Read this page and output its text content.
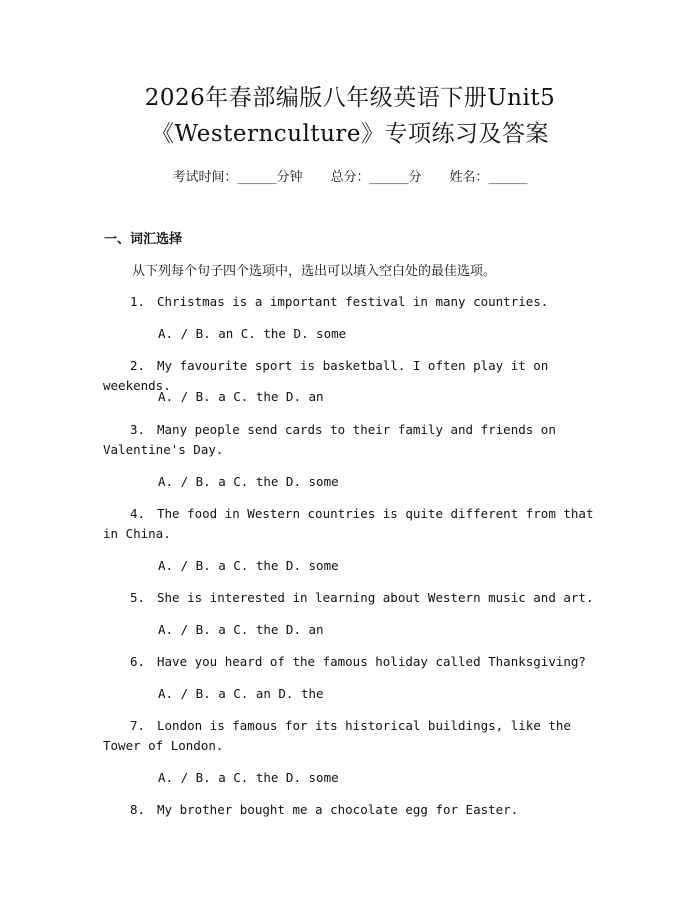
2026年春部编版八年级英语下册Unit5
《Westernculture》专项练习及答案
考试时间：______分钟 总分：______分 姓名：______
一、词汇选择
从下列每个句子四个选项中，选出可以填入空白处的最佳选项。
1. Christmas is a important festival in many countries.
A. / B. an C. the D. some
2. My favourite sport is basketball. I often play it on weekends.
A. / B. a C. the D. an
3. Many people send cards to their family and friends on Valentine's Day.
A. / B. a C. the D. some
4. The food in Western countries is quite different from that in China.
A. / B. a C. the D. some
5. She is interested in learning about Western music and art.
A. / B. a C. the D. an
6. Have you heard of the famous holiday called Thanksgiving?
A. / B. a C. an D. the
7. London is famous for its historical buildings, like the Tower of London.
A. / B. a C. the D. some
8. My brother bought me a chocolate egg for Easter.
